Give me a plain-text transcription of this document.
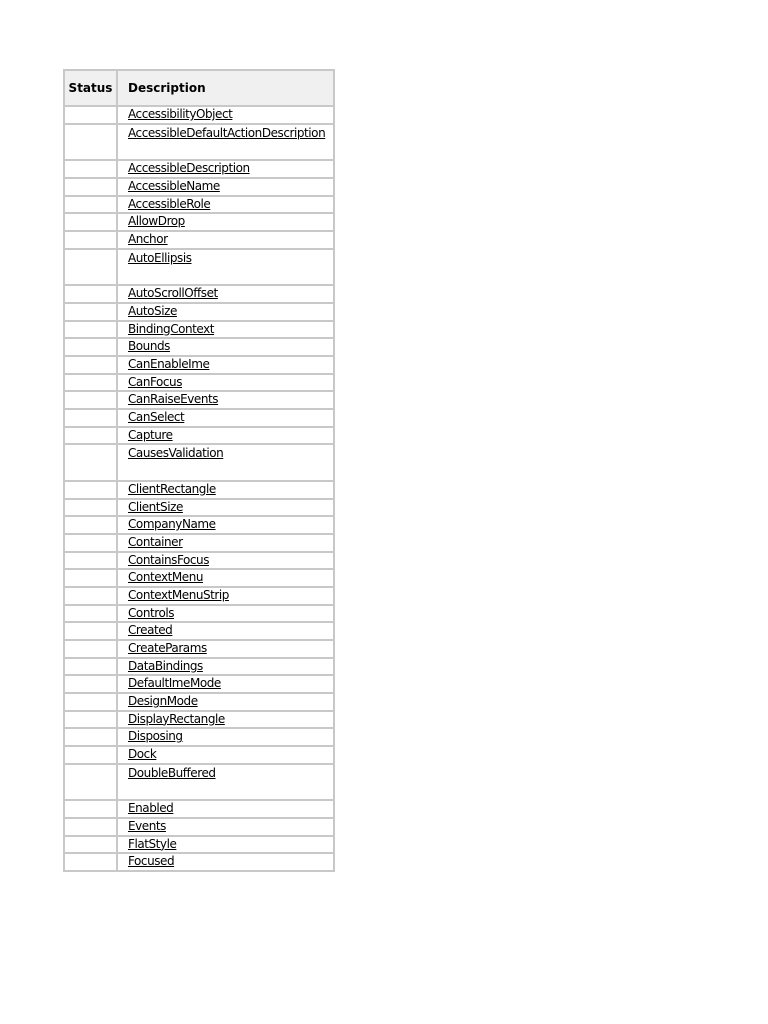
Status	Description
	AccessibilityObject
	AccessibleDefaultActionDescription
	AccessibleDescription
	AccessibleName
	AccessibleRole
	AllowDrop
	Anchor
	AutoEllipsis
	AutoScrollOffset
	AutoSize
	BindingContext
	Bounds
	CanEnableIme
	CanFocus
	CanRaiseEvents
	CanSelect
	Capture
	CausesValidation
	ClientRectangle
	ClientSize
	CompanyName
	Container
	ContainsFocus
	ContextMenu
	ContextMenuStrip
	Controls
	Created
	CreateParams
	DataBindings
	DefaultImeMode
	DesignMode
	DisplayRectangle
	Disposing
	Dock
	DoubleBuffered
	Enabled
	Events
	FlatStyle
	Focused
